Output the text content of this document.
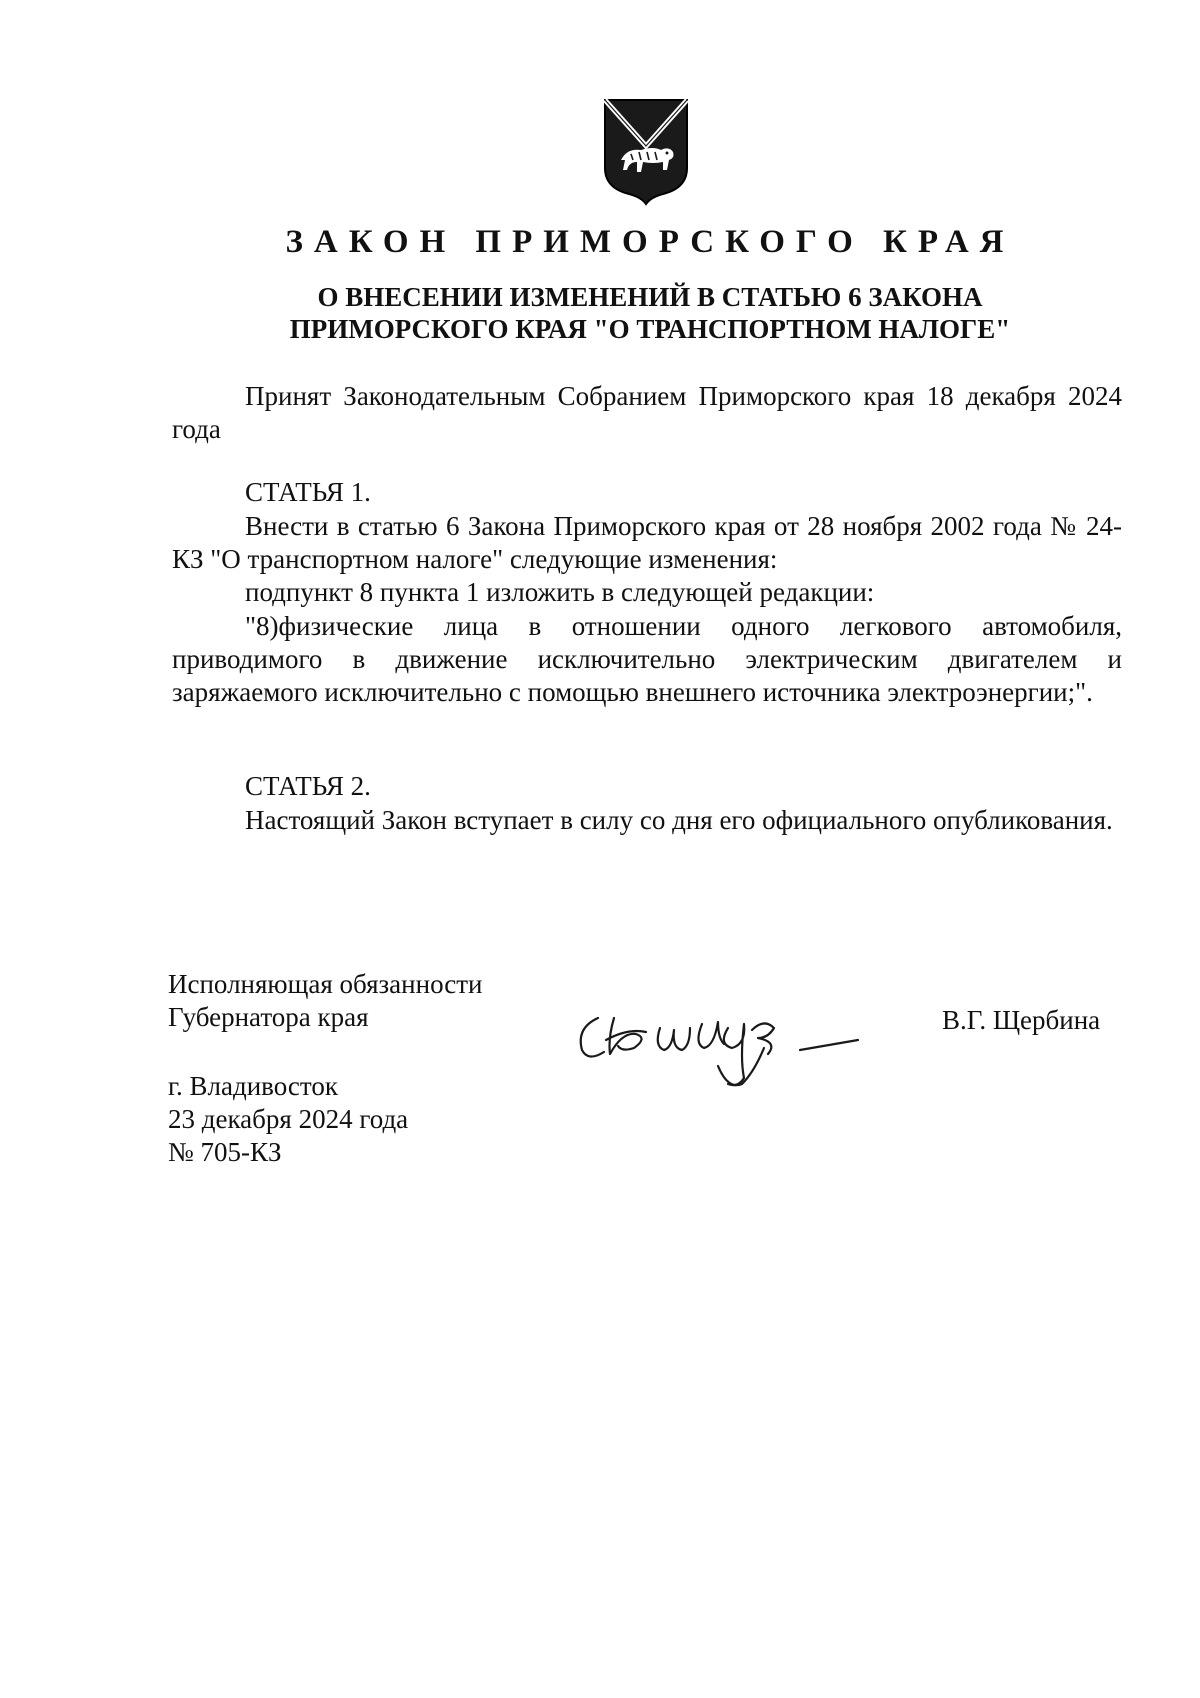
ЗАКОН ПРИМОРСКОГО КРАЯ
О ВНЕСЕНИИ ИЗМЕНЕНИЙ В СТАТЬЮ 6 ЗАКОНА
ПРИМОРСКОГО КРАЯ "О ТРАНСПОРТНОМ НАЛОГЕ"

Принят Законодательным Собранием Приморского края 18 декабря 2024 года

СТАТЬЯ 1.

Внести в статью 6 Закона Приморского края от 28 ноября 2002 года № 24-КЗ "О транспортном налоге" следующие изменения:

подпункт 8 пункта 1 изложить в следующей редакции:

"8)физические лица в отношении одного легкового автомобиля, приводимого в движение исключительно электрическим двигателем и заряжаемого исключительно с помощью внешнего источника электроэнергии;".

СТАТЬЯ 2.

Настоящий Закон вступает в силу со дня его официального опубликования.

Исполняющая обязанности
Губернатора края	В.Г. Щербина
г. Владивосток
23 декабря 2024 года
№ 705-КЗ
